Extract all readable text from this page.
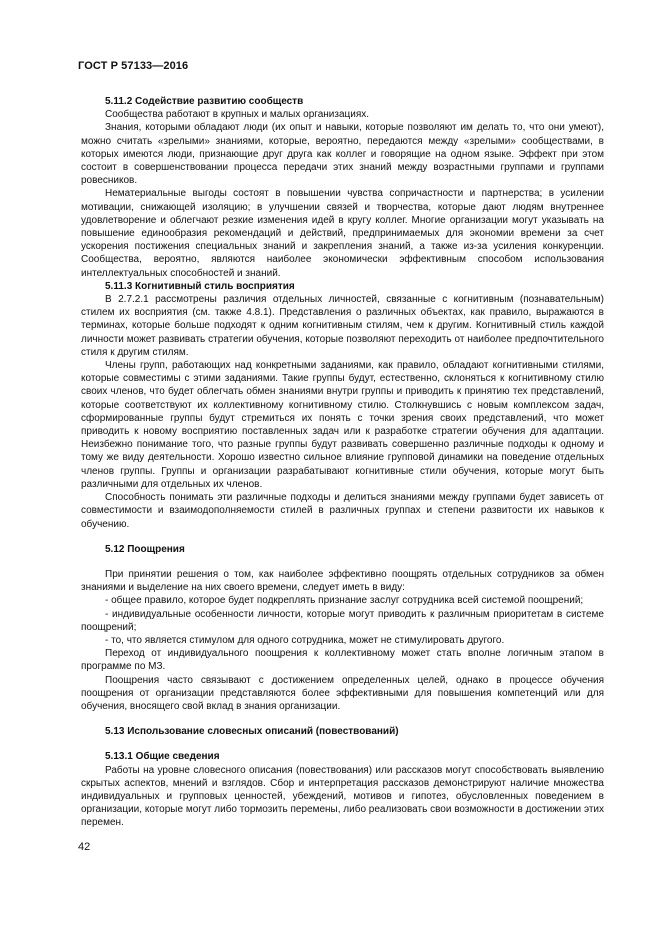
ГОСТ Р 57133—2016
5.11.2 Содействие развитию сообществ

Сообщества работают в крупных и малых организациях.

Знания, которыми обладают люди (их опыт и навыки, которые позволяют им делать то, что они умеют), можно считать «зрелыми» знаниями, которые, вероятно, передаются между «зрелыми» сообществами, в которых имеются люди, признающие друг друга как коллег и говорящие на одном языке. Эффект при этом состоит в совершенствовании процесса передачи этих знаний между возрастными группами и группами ровесников.

Нематериальные выгоды состоят в повышении чувства сопричастности и партнерства; в усилении мотивации, снижающей изоляцию; в улучшении связей и творчества, которые дают людям внутреннее удовлетворение и облегчают резкие изменения идей в кругу коллег. Многие организации могут указывать на повышение единообразия рекомендаций и действий, предпринимаемых для экономии времени за счет ускорения постижения специальных знаний и закрепления знаний, а также из-за усиления конкуренции. Сообщества, вероятно, являются наиболее экономически эффективным способом использования интеллектуальных способностей и знаний.

5.11.3 Когнитивный стиль восприятия

В 2.7.2.1 рассмотрены различия отдельных личностей, связанные с когнитивным (познавательным) стилем их восприятия (см. также 4.8.1). Представления о различных объектах, как правило, выражаются в терминах, которые больше подходят к одним когнитивным стилям, чем к другим. Когнитивный стиль каждой личности может развивать стратегии обучения, которые позволяют переходить от наиболее предпочтительного стиля к другим стилям.

Члены групп, работающих над конкретными заданиями, как правило, обладают когнитивными стилями, которые совместимы с этими заданиями. Такие группы будут, естественно, склоняться к когнитивному стилю своих членов, что будет облегчать обмен знаниями внутри группы и приводить к принятию тех представлений, которые соответствуют их коллективному когнитивному стилю. Столкнувшись с новым комплексом задач, сформированные группы будут стремиться их понять с точки зрения своих представлений, что может приводить к новому восприятию поставленных задач или к разработке стратегии обучения для адаптации. Неизбежно понимание того, что разные группы будут развивать совершенно различные подходы к одному и тому же виду деятельности. Хорошо известно сильное влияние групповой динамики на поведение отдельных членов группы. Группы и организации разрабатывают когнитивные стили обучения, которые могут быть различными для отдельных их членов.

Способность понимать эти различные подходы и делиться знаниями между группами будет зависеть от совместимости и взаимодополняемости стилей в различных группах и степени развитости их навыков к обучению.

5.12 Поощрения

При принятии решения о том, как наиболее эффективно поощрять отдельных сотрудников за обмен знаниями и выделение на них своего времени, следует иметь в виду:

- общее правило, которое будет подкреплять признание заслуг сотрудника всей системой поощрений;

- индивидуальные особенности личности, которые могут приводить к различным приоритетам в системе поощрений;

- то, что является стимулом для одного сотрудника, может не стимулировать другого.

Переход от индивидуального поощрения к коллективному может стать вполне логичным этапом в программе по МЗ.

Поощрения часто связывают с достижением определенных целей, однако в процессе обучения поощрения от организации представляются более эффективными для повышения компетенций или для обучения, вносящего свой вклад в знания организации.

5.13 Использование словесных описаний (повествований)
5.13.1 Общие сведения

Работы на уровне словесного описания (повествования) или рассказов могут способствовать выявлению скрытых аспектов, мнений и взглядов. Сбор и интерпретация рассказов демонстрируют наличие множества индивидуальных и групповых ценностей, убеждений, мотивов и гипотез, обусловленных поведением в организации, которые могут либо тормозить перемены, либо реализовать свои возможности в достижении этих перемен.

42
